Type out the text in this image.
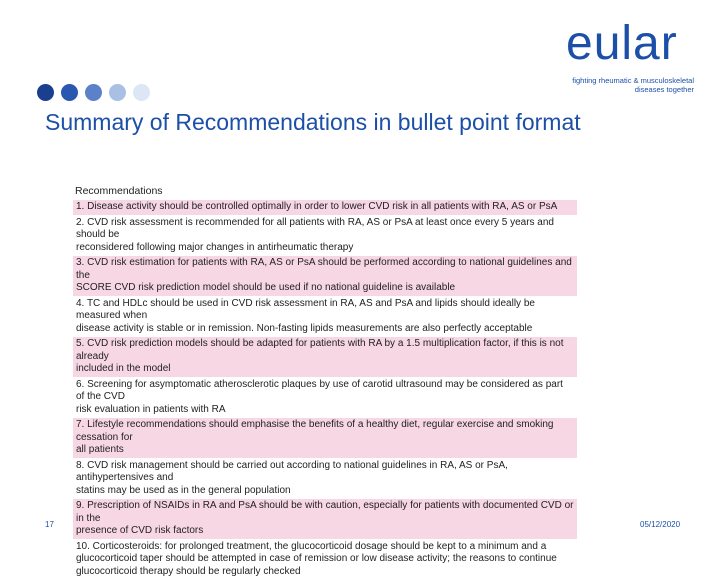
eular
fighting rheumatic & musculoskeletal
diseases together
Summary of Recommendations in bullet point format
Recommendations
1. Disease activity should be controlled optimally in order to lower CVD risk in all patients with RA, AS or PsA
2. CVD risk assessment is recommended for all patients with RA, AS or PsA at least once every 5 years and should be
reconsidered following major changes in antirheumatic therapy
3. CVD risk estimation for patients with RA, AS or PsA should be performed according to national guidelines and the
SCORE CVD risk prediction model should be used if no national guideline is available
4. TC and HDLc should be used in CVD risk assessment in RA, AS and PsA and lipids should ideally be measured when
disease activity is stable or in remission. Non-fasting lipids measurements are also perfectly acceptable
5. CVD risk prediction models should be adapted for patients with RA by a 1.5 multiplication factor, if this is not already
included in the model
6. Screening for asymptomatic atherosclerotic plaques by use of carotid ultrasound may be considered as part of the CVD
risk evaluation in patients with RA
7. Lifestyle recommendations should emphasise the benefits of a healthy diet, regular exercise and smoking cessation for
all patients
8. CVD risk management should be carried out according to national guidelines in RA, AS or PsA, antihypertensives and
statins may be used as in the general population
9. Prescription of NSAIDs in RA and PsA should be with caution, especially for patients with documented CVD or in the
presence of CVD risk factors
10. Corticosteroids: for prolonged treatment, the glucocorticoid dosage should be kept to a minimum and a
glucocorticoid taper should be attempted in case of remission or low disease activity; the reasons to continue
glucocorticoid therapy should be regularly checked
17	05/12/2020
